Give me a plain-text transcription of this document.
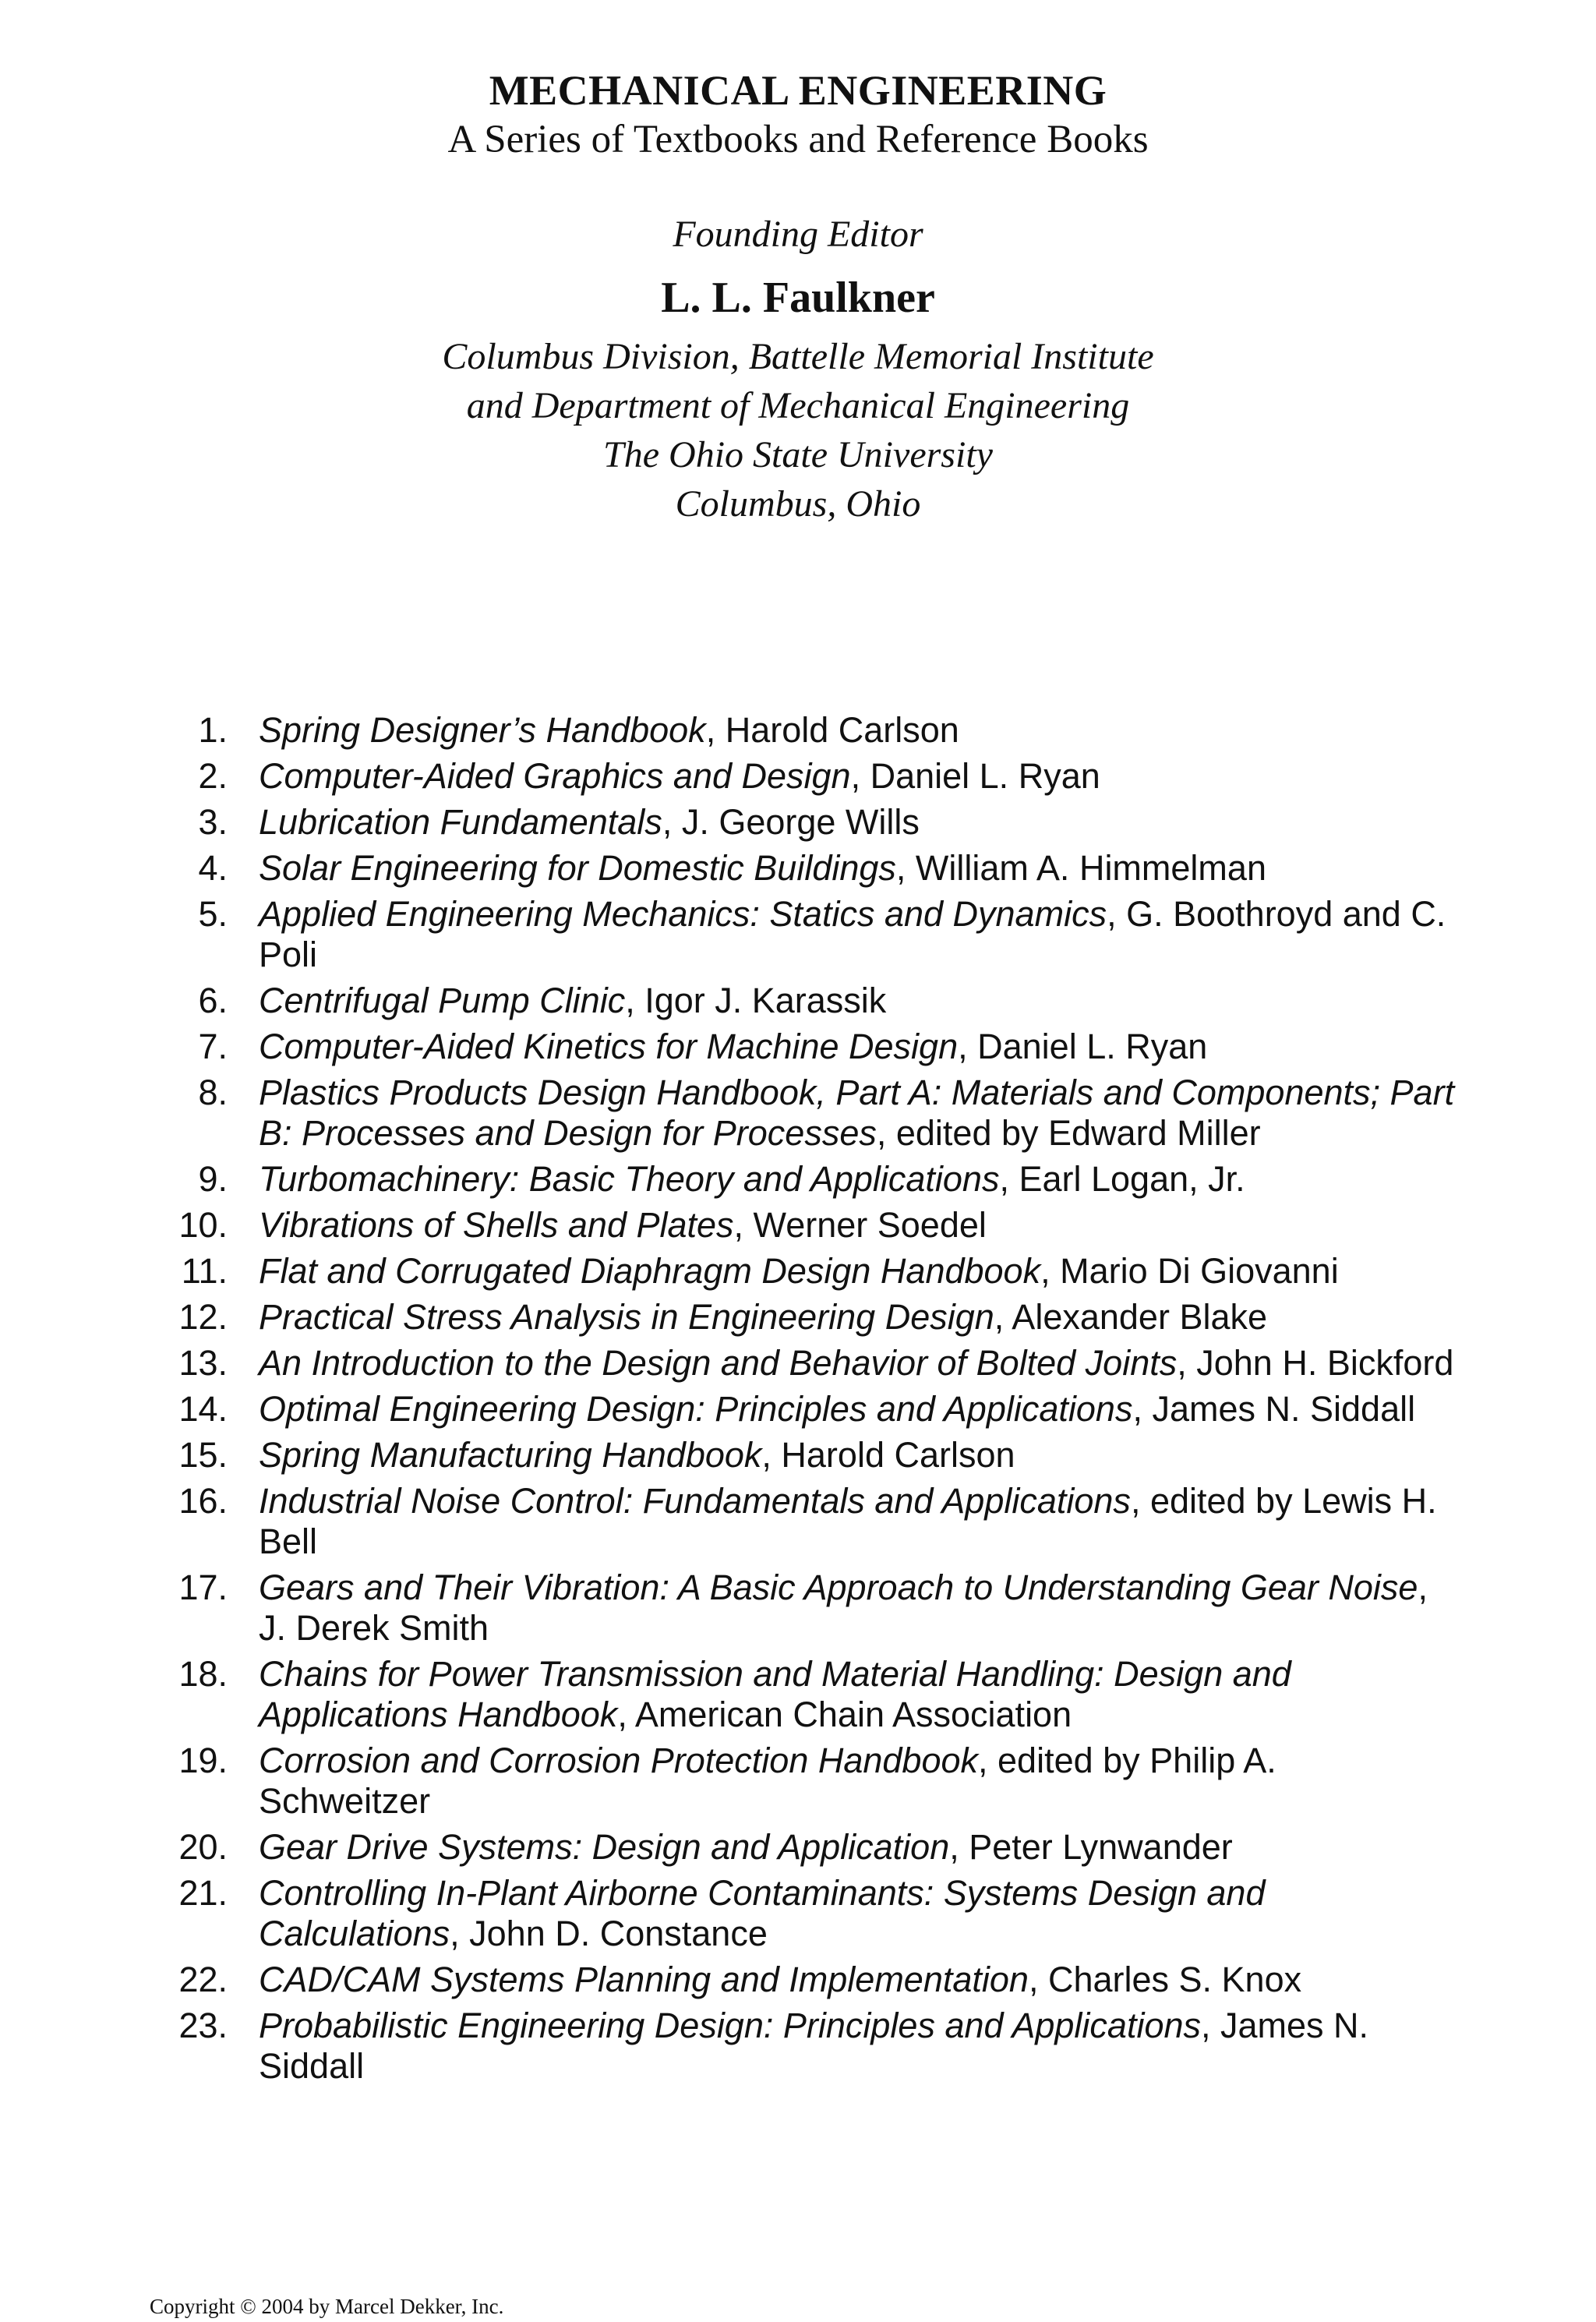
MECHANICAL ENGINEERING
A Series of Textbooks and Reference Books
Founding Editor
L. L. Faulkner
Columbus Division, Battelle Memorial Institute
and Department of Mechanical Engineering
The Ohio State University
Columbus, Ohio
1. Spring Designer’s Handbook, Harold Carlson
2. Computer-Aided Graphics and Design, Daniel L. Ryan
3. Lubrication Fundamentals, J. George Wills
4. Solar Engineering for Domestic Buildings, William A. Himmelman
5. Applied Engineering Mechanics: Statics and Dynamics, G. Boothroyd and C. Poli
6. Centrifugal Pump Clinic, Igor J. Karassik
7. Computer-Aided Kinetics for Machine Design, Daniel L. Ryan
8. Plastics Products Design Handbook, Part A: Materials and Components; Part B: Processes and Design for Processes, edited by Edward Miller
9. Turbomachinery: Basic Theory and Applications, Earl Logan, Jr.
10. Vibrations of Shells and Plates, Werner Soedel
11. Flat and Corrugated Diaphragm Design Handbook, Mario Di Giovanni
12. Practical Stress Analysis in Engineering Design, Alexander Blake
13. An Introduction to the Design and Behavior of Bolted Joints, John H. Bickford
14. Optimal Engineering Design: Principles and Applications, James N. Siddall
15. Spring Manufacturing Handbook, Harold Carlson
16. Industrial Noise Control: Fundamentals and Applications, edited by Lewis H. Bell
17. Gears and Their Vibration: A Basic Approach to Understanding Gear Noise, J. Derek Smith
18. Chains for Power Transmission and Material Handling: Design and Applications Handbook, American Chain Association
19. Corrosion and Corrosion Protection Handbook, edited by Philip A. Schweitzer
20. Gear Drive Systems: Design and Application, Peter Lynwander
21. Controlling In-Plant Airborne Contaminants: Systems Design and Calculations, John D. Constance
22. CAD/CAM Systems Planning and Implementation, Charles S. Knox
23. Probabilistic Engineering Design: Principles and Applications, James N. Siddall
Copyright © 2004 by Marcel Dekker, Inc.
